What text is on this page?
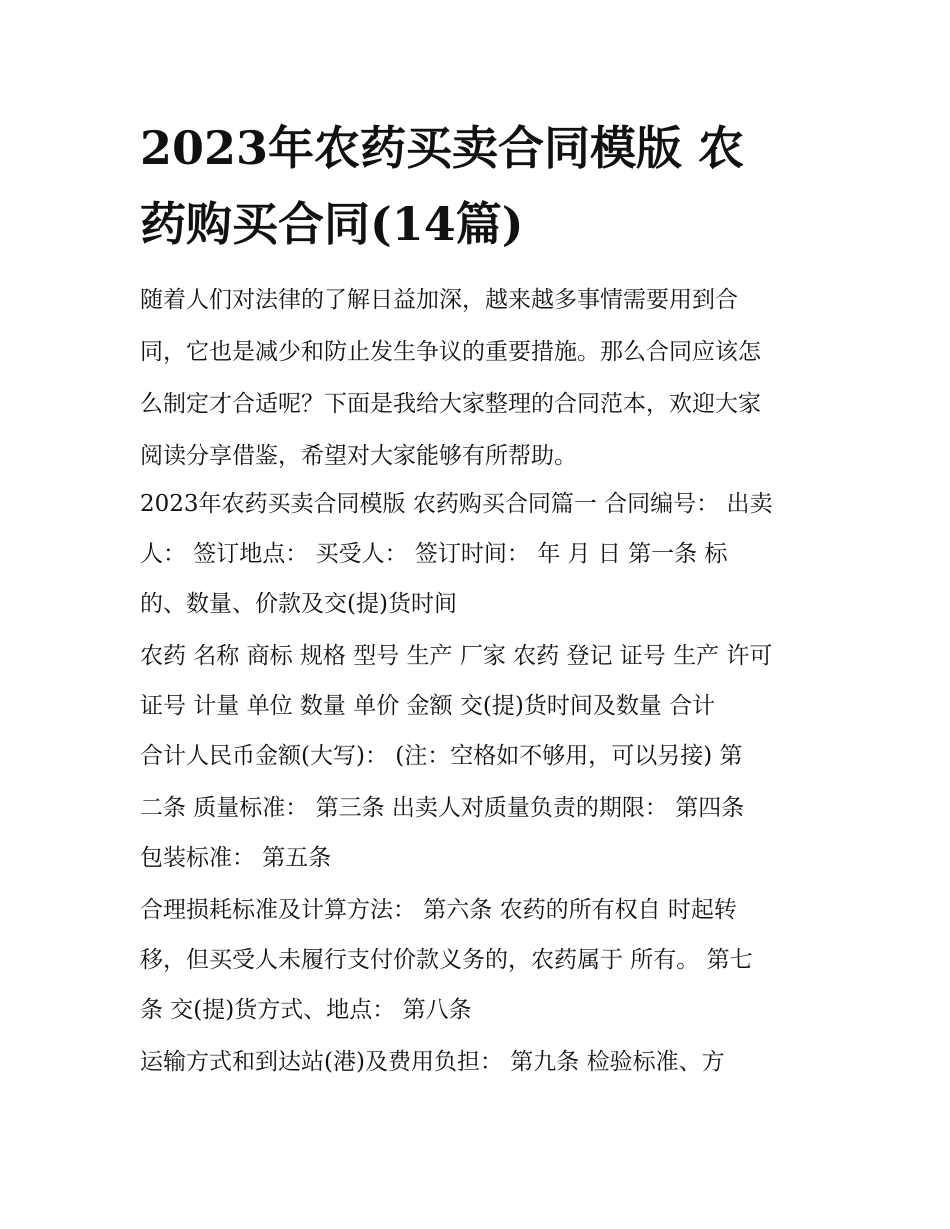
2023年农药买卖合同模版 农
药购买合同(14篇)
随着人们对法律的了解日益加深，越来越多事情需要用到合
同，它也是减少和防止发生争议的重要措施。那么合同应该怎
么制定才合适呢？下面是我给大家整理的合同范本，欢迎大家
阅读分享借鉴，希望对大家能够有所帮助。
2023年农药买卖合同模版 农药购买合同篇一 合同编号： 出卖
人： 签订地点： 买受人： 签订时间： 年 月 日 第一条 标
的、数量、价款及交(提)货时间
农药 名称 商标 规格 型号 生产 厂家 农药 登记 证号 生产 许可
证号 计量 单位 数量 单价 金额 交(提)货时间及数量 合计
合计人民币金额(大写)： (注：空格如不够用，可以另接) 第
二条 质量标准： 第三条 出卖人对质量负责的期限： 第四条
包装标准： 第五条
合理损耗标准及计算方法： 第六条 农药的所有权自 时起转
移，但买受人未履行支付价款义务的，农药属于 所有。 第七
条 交(提)货方式、地点： 第八条
运输方式和到达站(港)及费用负担： 第九条 检验标准、方
